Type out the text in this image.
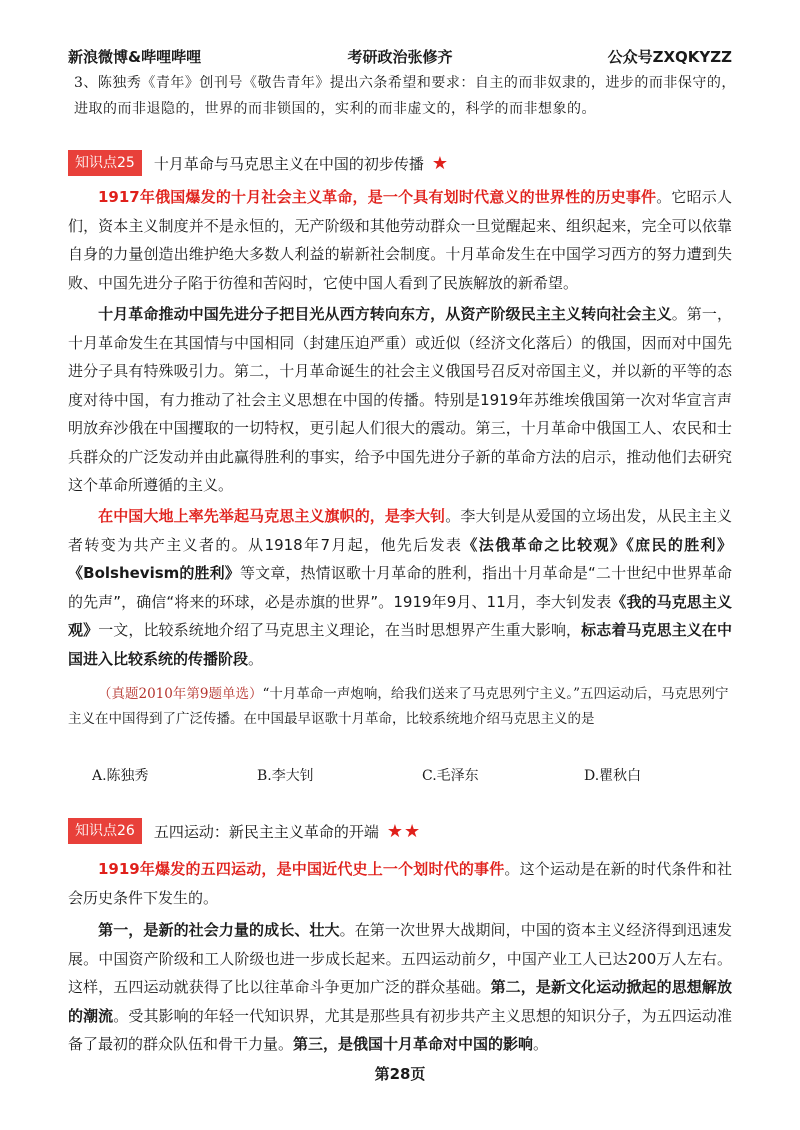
新浪微博&哔哩哔哩	考研政治张修齐	公众号ZXQKYZZ
3、陈独秀《青年》创刊号《敬告青年》提出六条希望和要求：自主的而非奴隶的，进步的而非保守的，进取的而非退隐的，世界的而非锁国的，实利的而非虚文的，科学的而非想象的。
知识点25	十月革命与马克思主义在中国的初步传播 ★
1917年俄国爆发的十月社会主义革命，是一个具有划时代意义的世界性的历史事件。它昭示人们，资本主义制度并不是永恒的，无产阶级和其他劳动群众一旦觉醒起来、组织起来，完全可以依靠自身的力量创造出维护绝大多数人利益的崭新社会制度。十月革命发生在中国学习西方的努力遭到失败、中国先进分子陷于彷徨和苦闷时，它使中国人看到了民族解放的新希望。
十月革命推动中国先进分子把目光从西方转向东方，从资产阶级民主主义转向社会主义。第一，十月革命发生在其国情与中国相同（封建压迫严重）或近似（经济文化落后）的俄国，因而对中国先进分子具有特殊吸引力。第二，十月革命诞生的社会主义俄国号召反对帝国主义，并以新的平等的态度对待中国，有力推动了社会主义思想在中国的传播。特别是1919年苏维埃俄国第一次对华宣言声明放弃沙俄在中国攫取的一切特权，更引起人们很大的震动。第三，十月革命中俄国工人、农民和士兵群众的广泛发动并由此赢得胜利的事实，给予中国先进分子新的革命方法的启示，推动他们去研究这个革命所遵循的主义。
在中国大地上率先举起马克思主义旗帜的，是李大钊。李大钊是从爱国的立场出发，从民主主义者转变为共产主义者的。从1918年7月起，他先后发表《法俄革命之比较观》《庶民的胜利》《Bolshevism的胜利》等文章，热情讴歌十月革命的胜利，指出十月革命是“二十世纪中世界革命的先声”，确信“将来的环球，必是赤旗的世界”。1919年9月、11月，李大钊发表《我的马克思主义观》一文，比较系统地介绍了马克思主义理论，在当时思想界产生重大影响，标志着马克思主义在中国进入比较系统的传播阶段。
（真题2010年第9题单选）“十月革命一声炮响，给我们送来了马克思列宁主义。”五四运动后，马克思列宁主义在中国得到了广泛传播。在中国最早讴歌十月革命，比较系统地介绍马克思主义的是
A.陈独秀	B.李大钊	C.毛泽东	D.瞿秋白
知识点26	五四运动：新民主主义革命的开端 ★★
1919年爆发的五四运动，是中国近代史上一个划时代的事件。这个运动是在新的时代条件和社会历史条件下发生的。
第一，是新的社会力量的成长、壮大。在第一次世界大战期间，中国的资本主义经济得到迅速发展。中国资产阶级和工人阶级也进一步成长起来。五四运动前夕，中国产业工人已达200万人左右。这样，五四运动就获得了比以往革命斗争更加广泛的群众基础。第二，是新文化运动掀起的思想解放的潮流。受其影响的年轻一代知识界，尤其是那些具有初步共产主义思想的知识分子，为五四运动准备了最初的群众队伍和骨干力量。第三，是俄国十月革命对中国的影响。
第28页
